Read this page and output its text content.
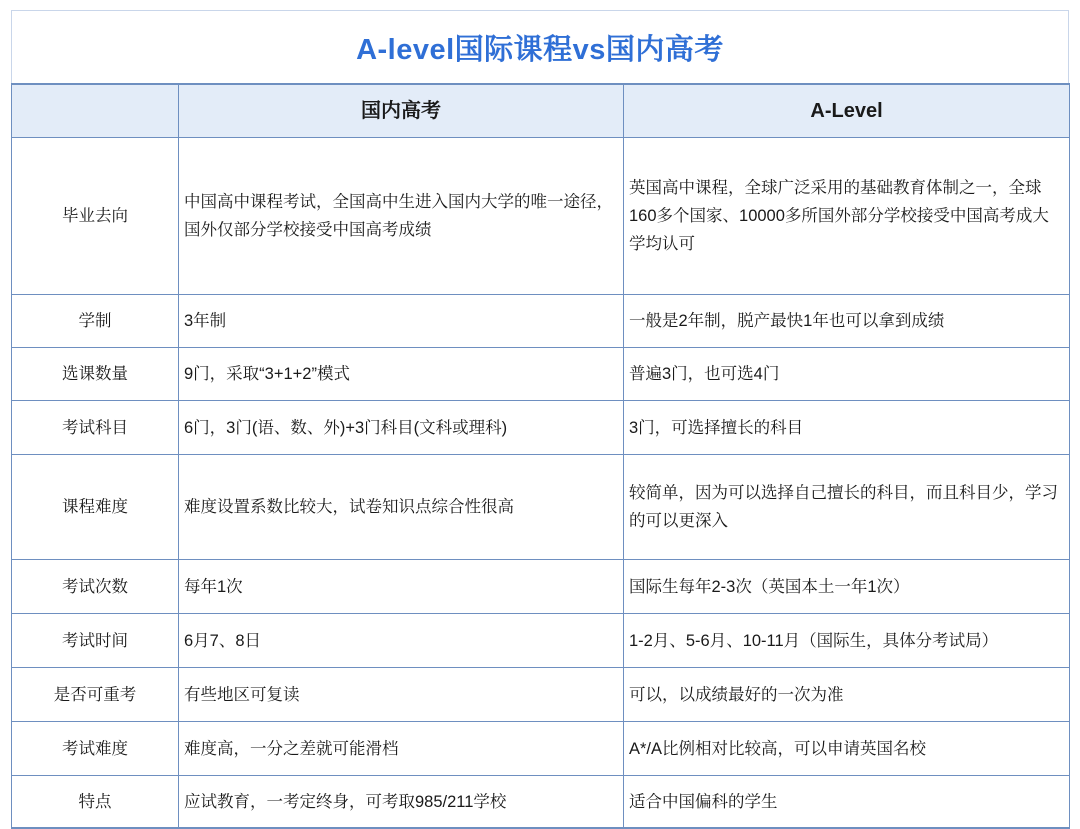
A-level国际课程vs国内高考
	国内高考	A-Level
毕业去向	中国高中课程考试，全国高中生进入国内大学的唯一途径，国外仅部分学校接受中国高考成绩	英国高中课程，全球广泛采用的基础教育体制之一，全球160多个国家、10000多所国外部分学校接受中国高考成大学均认可
学制	3年制	一般是2年制，脱产最快1年也可以拿到成绩
选课数量	9门，采取“3+1+2”模式	普遍3门，也可选4门
考试科目	6门，3门(语、数、外)+3门科目(文科或理科)	3门，可选择擅长的科目
课程难度	难度设置系数比较大，试卷知识点综合性很高	较简单，因为可以选择自己擅长的科目，而且科目少，学习的可以更深入
考试次数	每年1次	国际生每年2-3次（英国本土一年1次）
考试时间	6月7、8日	1-2月、5-6月、10-11月（国际生，具体分考试局）
是否可重考	有些地区可复读	可以，以成绩最好的一次为准
考试难度	难度高，一分之差就可能滑档	A*/A比例相对比较高，可以申请英国名校
特点	应试教育，一考定终身，可考取985/211学校	适合中国偏科的学生
